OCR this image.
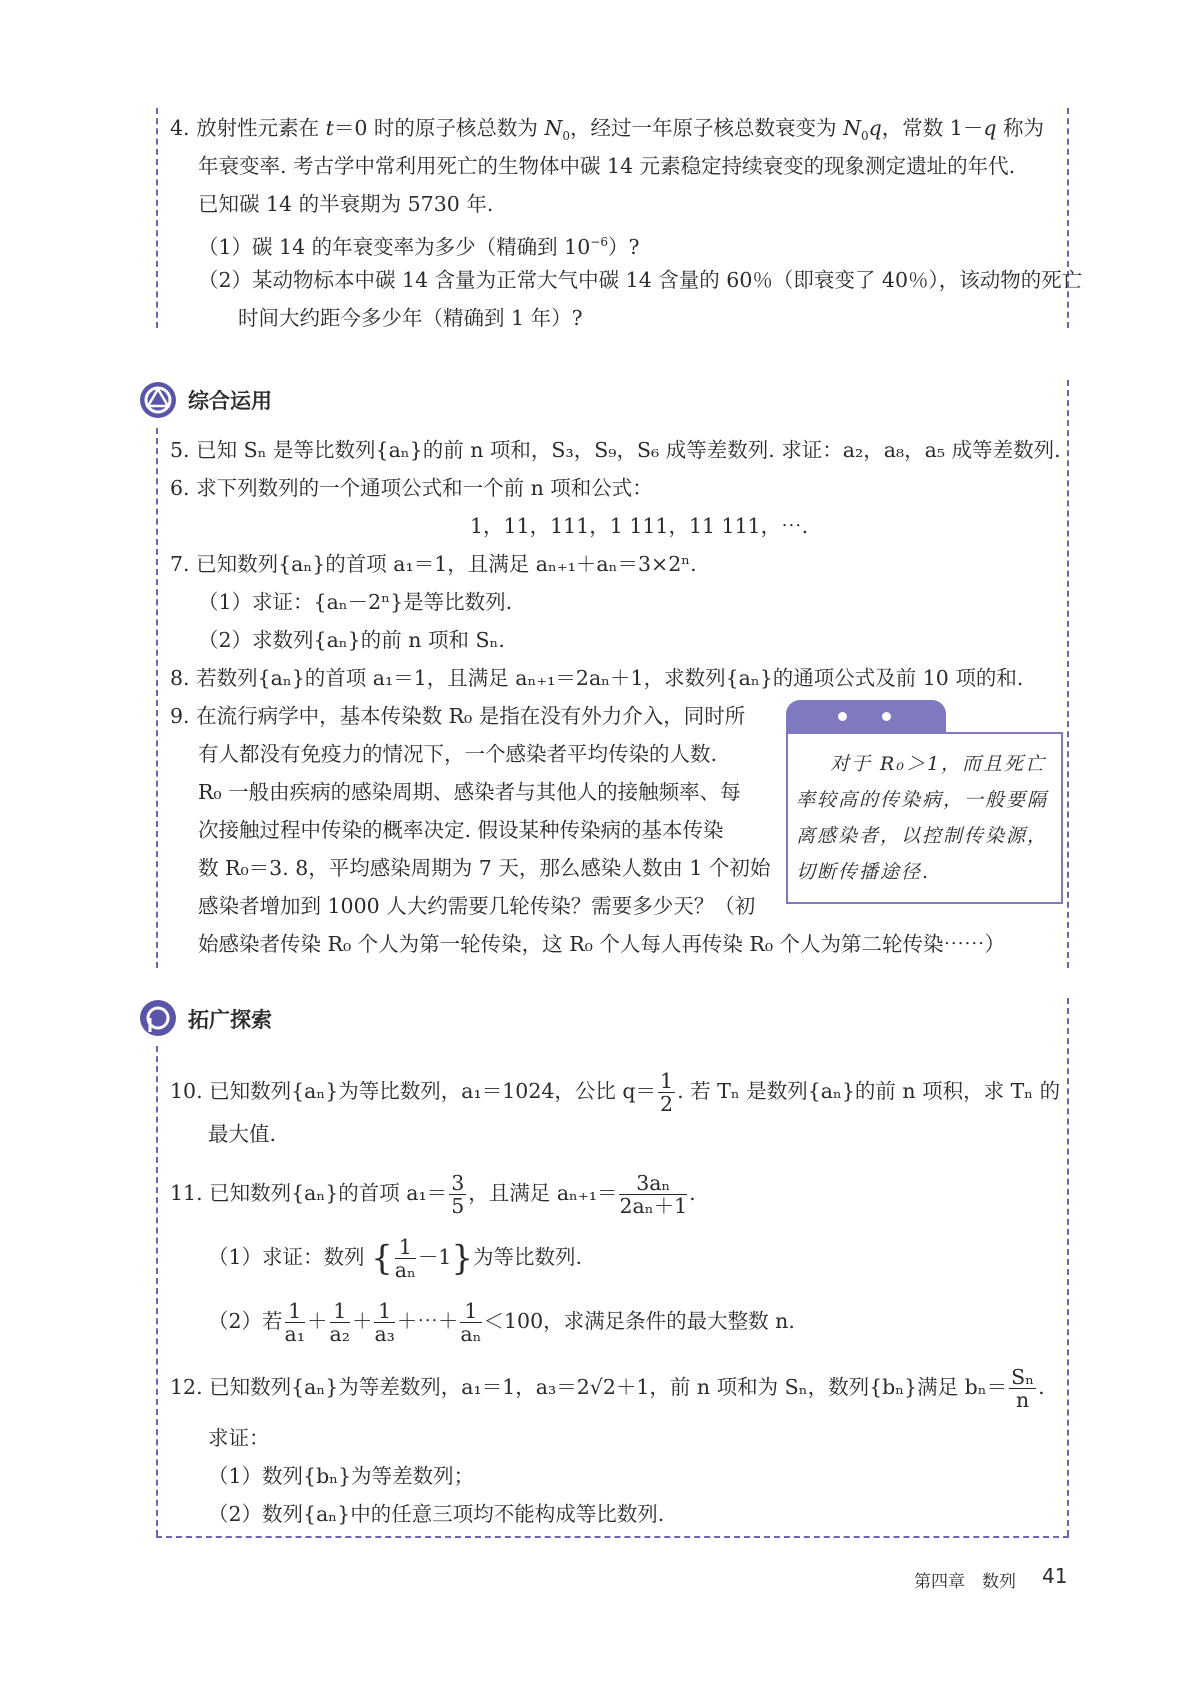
4. 放射性元素在 t＝0 时的原子核总数为 $N_0$，经过一年原子核总数衰变为 $N_0q$，常数 1－q 称为
年衰变率. 考古学中常利用死亡的生物体中碳 14 元素稳定持续衰变的现象测定遗址的年代.
已知碳 14 的半衰期为 5730 年.
（1）碳 14 的年衰变率为多少（精确到 $10^{-6}$）?
（2）某动物标本中碳 14 含量为正常大气中碳 14 含量的 60％（即衰变了 40％），该动物的死亡
时间大约距今多少年（精确到 1 年）?
综合运用
5. 已知 Sₙ 是等比数列{aₙ}的前 n 项和，S₃，S₉，S₆ 成等差数列. 求证：a₂，a₈，a₅ 成等差数列.
6. 求下列数列的一个通项公式和一个前 n 项和公式：
1，11，111，1 111，11 111，⋯.
7. 已知数列{aₙ}的首项 a₁＝1，且满足 aₙ₊₁＋aₙ＝3×2ⁿ.
（1）求证：{aₙ－2ⁿ}是等比数列.
（2）求数列{aₙ}的前 n 项和 Sₙ.
8. 若数列{aₙ}的首项 a₁＝1，且满足 aₙ₊₁＝2aₙ＋1，求数列{aₙ}的通项公式及前 10 项的和.
9. 在流行病学中，基本传染数 R₀ 是指在没有外力介入，同时所
有人都没有免疫力的情况下，一个感染者平均传染的人数.
R₀ 一般由疾病的感染周期、感染者与其他人的接触频率、每
次接触过程中传染的概率决定. 假设某种传染病的基本传染
数 R₀＝3. 8，平均感染周期为 7 天，那么感染人数由 1 个初始
感染者增加到 1000 人大约需要几轮传染？需要多少天？（初
始感染者传染 R₀ 个人为第一轮传染，这 R₀ 个人每人再传染 R₀ 个人为第二轮传染⋯⋯）
对于 R₀＞1，而且死亡
率较高的传染病，一般要隔
离感染者，以控制传染源，
切断传播途径.
拓广探索
10. 已知数列{aₙ}为等比数列，a₁＝1024，公比 $q= \frac{1}{2}$ . 若 Tₙ 是数列{aₙ}的前 n 项积，求 Tₙ 的
最大值.
11. 已知数列{aₙ}的首项 $a_1= \frac{3}{5}$ ，且满足 $a_{n+1}= \frac{\text{3aₙ}}{\text{2aₙ＋1}}$ .
（1）求证：数列 { $\frac{1}{\text{aₙ}} -1$}为等比数列.
（2）若 $\frac{1}{\text{a₁}} + \frac{1}{\text{a₂}} + \frac{1}{\text{a₃}}$ ＋⋯＋ $\frac{1}{\text{aₙ}} <100$，求满足条件的最大整数 n.
12. 已知数列{aₙ}为等差数列，a₁＝1，a₃＝2√2＋1，前 n 项和为 Sₙ，数列{bₙ}满足 $b_n= \frac{\text{Sₙ}}{n}$ .
求证：
（1）数列{bₙ}为等差数列；
（2）数列{aₙ}中的任意三项均不能构成等比数列.
第四章　数列 41
